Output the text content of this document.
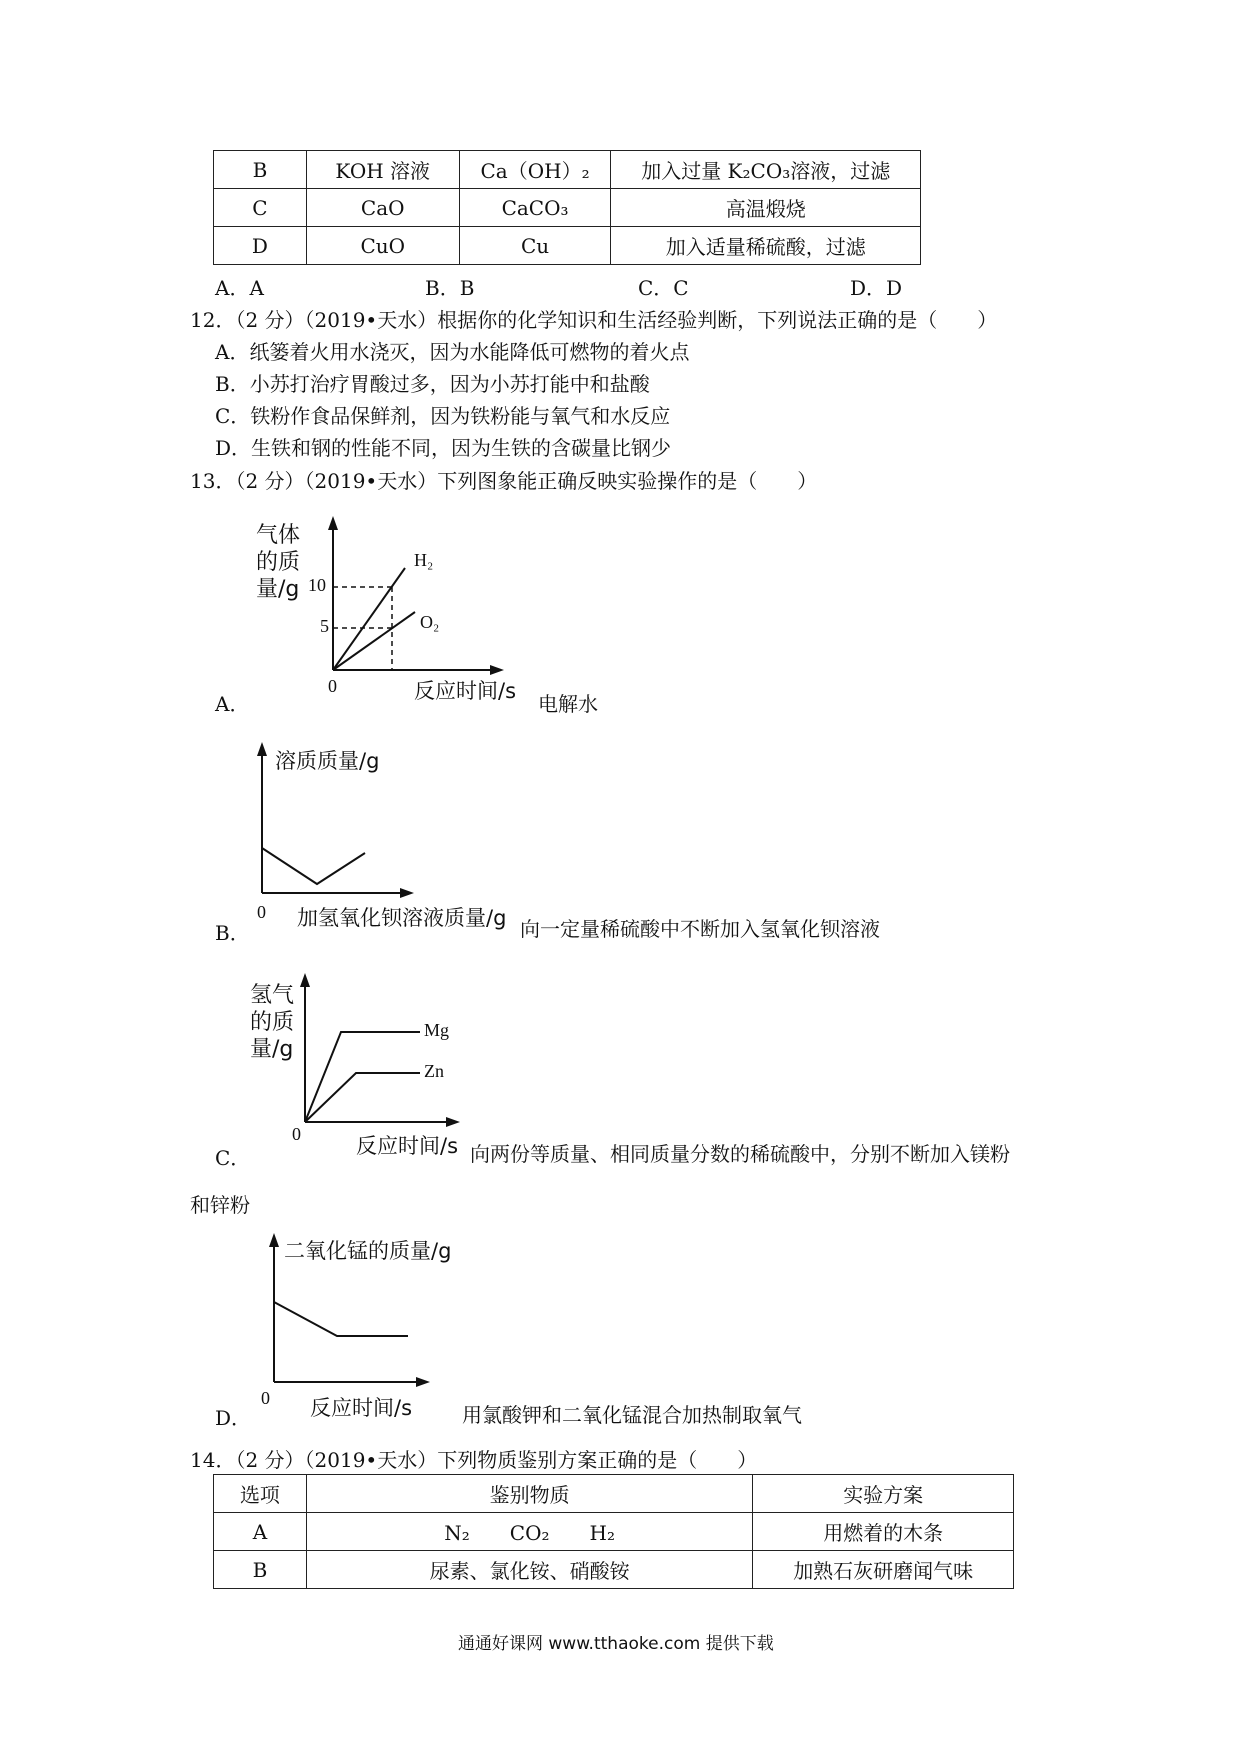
B	KOH 溶液	Ca（OH）₂	加入过量 K₂CO₃溶液，过滤
C	CaO	CaCO₃	高温煅烧
D	CuO	Cu	加入适量稀硫酸，过滤
A．A	B．B	C．C	D．D
12．（2 分）（2019•天水）根据你的化学知识和生活经验判断，下列说法正确的是（　　）
A．纸篓着火用水浇灭，因为水能降低可燃物的着火点
B．小苏打治疗胃酸过多，因为小苏打能中和盐酸
C．铁粉作食品保鲜剂，因为铁粉能与氧气和水反应
D．生铁和钢的性能不同，因为生铁的含碳量比钢少
13．（2 分）（2019•天水）下列图象能正确反映实验操作的是（　　）
气体
的质
量/g 10
5
0
H₂
O₂
反应时间/s
A．	电解水
溶质质量/g
0 加氢氧化钡溶液质量/g
B．	向一定量稀硫酸中不断加入氢氧化钡溶液
氢气
的质
量/g
Mg
Zn
0	反应时间/s
C．	向两份等质量、相同质量分数的稀硫酸中，分别不断加入镁粉
和锌粉
二氧化锰的质量/g
0 反应时间/s
D．	用氯酸钾和二氧化锰混合加热制取氧气
14．（2 分）（2019•天水）下列物质鉴别方案正确的是（　　）
选项	鉴别物质	实验方案
A	N₂　　CO₂　　H₂	用燃着的木条
B	尿素、氯化铵、硝酸铵	加熟石灰研磨闻气味
通通好课网 www.tthaoke.com 提供下载
